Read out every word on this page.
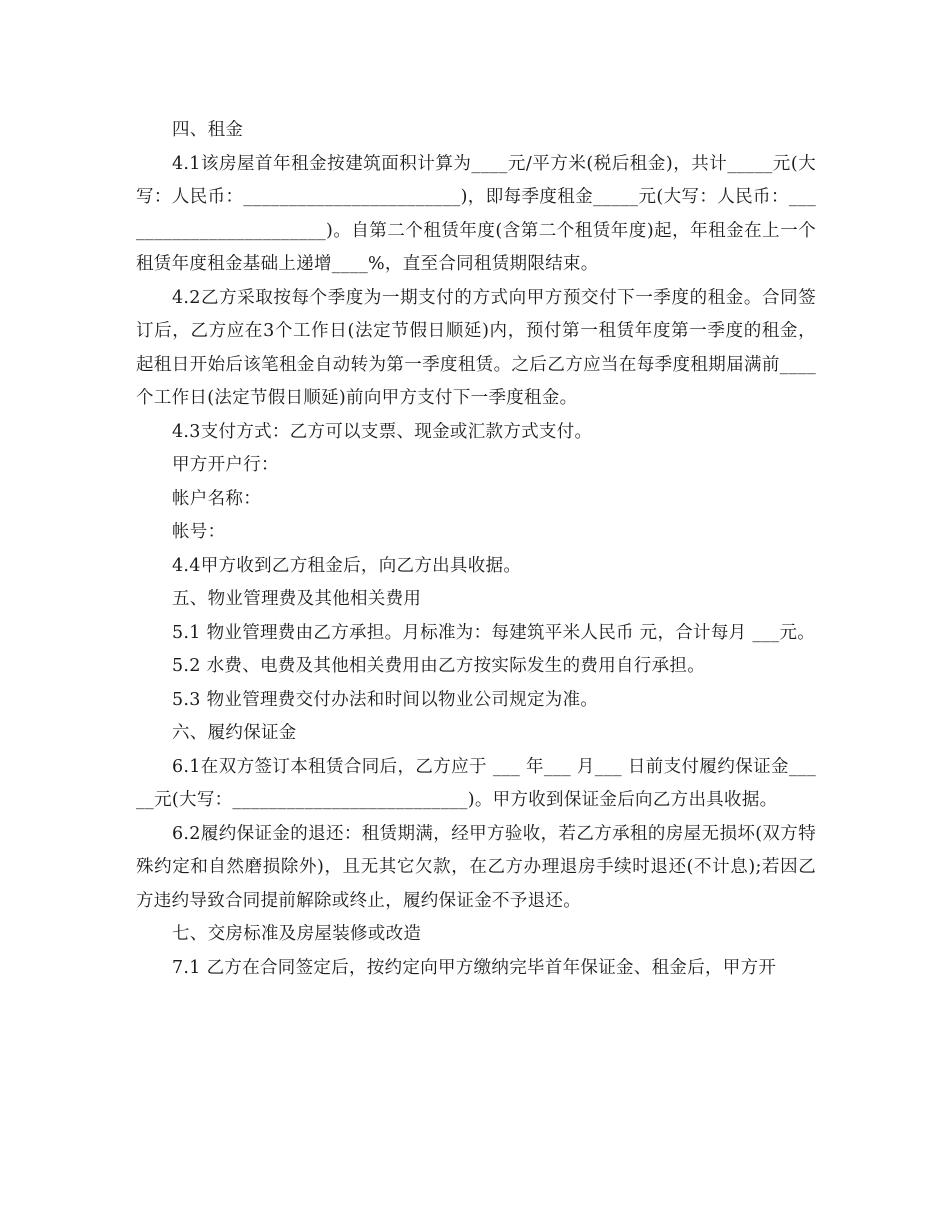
四、租金

4.1该房屋首年租金按建筑面积计算为____元/平方米(税后租金)，共计_____元(大写：人民币：________________________)，即每季度租金_____元(大写：人民币：________________________)。自第二个租赁年度(含第二个租赁年度)起，年租金在上一个租赁年度租金基础上递增____%，直至合同租赁期限结束。

4.2乙方采取按每个季度为一期支付的方式向甲方预交付下一季度的租金。合同签订后，乙方应在3个工作日(法定节假日顺延)内，预付第一租赁年度第一季度的租金，起租日开始后该笔租金自动转为第一季度租赁。之后乙方应当在每季度租期届满前____个工作日(法定节假日顺延)前向甲方支付下一季度租金。

4.3支付方式：乙方可以支票、现金或汇款方式支付。

甲方开户行：

帐户名称：

帐号：

4.4甲方收到乙方租金后，向乙方出具收据。

五、物业管理费及其他相关费用

5.1 物业管理费由乙方承担。月标准为：每建筑平米人民币 元，合计每月 ___元。

5.2 水费、电费及其他相关费用由乙方按实际发生的费用自行承担。

5.3 物业管理费交付办法和时间以物业公司规定为准。

六、履约保证金

6.1在双方签订本租赁合同后，乙方应于 ___ 年___ 月___ 日前支付履约保证金_____元(大写：__________________________)。甲方收到保证金后向乙方出具收据。

6.2履约保证金的退还：租赁期满，经甲方验收，若乙方承租的房屋无损坏(双方特殊约定和自然磨损除外)，且无其它欠款，在乙方办理退房手续时退还(不计息);若因乙方违约导致合同提前解除或终止，履约保证金不予退还。

七、交房标准及房屋装修或改造

7.1 乙方在合同签定后，按约定向甲方缴纳完毕首年保证金、租金后，甲方开
